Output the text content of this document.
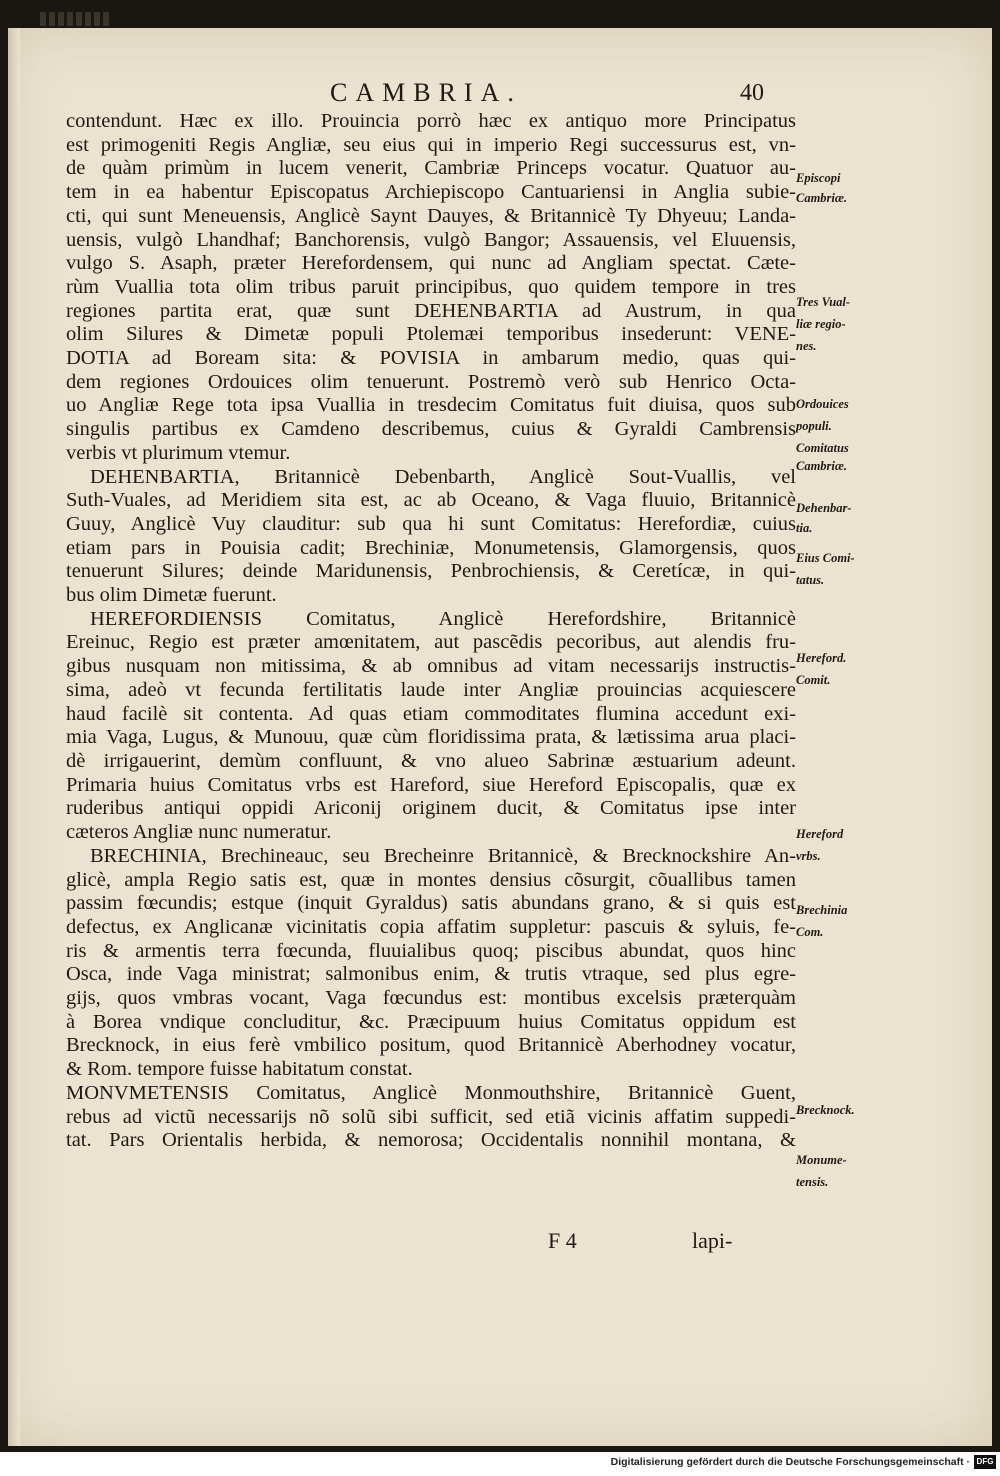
CAMBRIA.	40
contendunt. Hæc ex illo. Prouincia porrò hæc ex antiquo more Principatus
est primogeniti Regis Angliæ, seu eius qui in imperio Regi successurus est, vn-
de quàm primùm in lucem venerit, Cambriæ Princeps vocatur. Quatuor au-
tem in ea habentur Episcopatus Archiepiscopo Cantuariensi in Anglia subie-
cti, qui sunt Meneuensis, Anglicè Saynt Dauyes, & Britannicè Ty Dhyeuu; Landa-
uensis, vulgò Lhandhaf; Banchorensis, vulgò Bangor; Assauensis, vel Eluuensis,
vulgo S. Asaph, præter Herefordensem, qui nunc ad Angliam spectat. Cæte-
rùm Vuallia tota olim tribus paruit principibus, quo quidem tempore in tres
regiones partita erat, quæ sunt DEHENBARTIA ad Austrum, in qua
olim Silures & Dimetæ populi Ptolemæi temporibus insederunt: VENE-
DOTIA ad Boream sita: & POVISIA in ambarum medio, quas qui-
dem regiones Ordouices olim tenuerunt. Postremò verò sub Henrico Octa-
uo Angliæ Rege tota ipsa Vuallia in tresdecim Comitatus fuit diuisa, quos sub
singulis partibus ex Camdeno describemus, cuius & Gyraldi Cambrensis
verbis vt plurimum vtemur.
DEHENBARTIA, Britannicè Debenbarth, Anglicè Sout-Vuallis, vel
Suth-Vuales, ad Meridiem sita est, ac ab Oceano, & Vaga fluuio, Britannicè
Guuy, Anglicè Vuy clauditur: sub qua hi sunt Comitatus: Herefordiæ, cuius
etiam pars in Pouisia cadit; Brechiniæ, Monumetensis, Glamorgensis, quos
tenuerunt Silures; deinde Maridunensis, Penbrochiensis, & Ceretícæ, in qui-
bus olim Dimetæ fuerunt.
HEREFORDIENSIS Comitatus, Anglicè Herefordshire, Britannicè
Ereinuc, Regio est præter amœnitatem, aut pascẽdis pecoribus, aut alendis fru-
gibus nusquam non mitissima, & ab omnibus ad vitam necessarijs instructis-
sima, adeò vt fecunda fertilitatis laude inter Angliæ prouincias acquiescere
haud facilè sit contenta. Ad quas etiam commoditates flumina accedunt exi-
mia Vaga, Lugus, & Munouu, quæ cùm floridissima prata, & lætissima arua placi-
dè irrigauerint, demùm confluunt, & vno alueo Sabrinæ æstuarium adeunt.
Primaria huius Comitatus vrbs est Hareford, siue Hereford Episcopalis, quæ ex
ruderibus antiqui oppidi Ariconij originem ducit, & Comitatus ipse inter
cæteros Angliæ nunc numeratur.
BRECHINIA, Brechineauc, seu Brecheinre Britannicè, & Brecknockshire An-
glicè, ampla Regio satis est, quæ in montes densius cõsurgit, cõuallibus tamen
passim fœcundis; estque (inquit Gyraldus) satis abundans grano, & si quis est
defectus, ex Anglicanæ vicinitatis copia affatim suppletur: pascuis & syluis, fe-
ris & armentis terra fœcunda, fluuialibus quoq; piscibus abundat, quos hinc
Osca, inde Vaga ministrat; salmonibus enim, & trutis vtraque, sed plus egre-
gijs, quos vmbras vocant, Vaga fœcundus est: montibus excelsis præterquàm
à Borea vndique concluditur, &c. Præcipuum huius Comitatus oppidum est
Brecknock, in eius ferè vmbilico positum, quod Britannicè Aberhodney vocatur,
& Rom. tempore fuisse habitatum constat.
MONVMETENSIS Comitatus, Anglicè Monmouthshire, Britannicè Guent,
rebus ad victũ necessarijs nõ solũ sibi sufficit, sed etiã vicinis affatim suppedi-
tat. Pars Orientalis herbida, & nemorosa; Occidentalis nonnihil montana, &
Episcopi
Cambriæ.
Tres Vual-
liæ regio-
nes.
Ordouices
populi.
Comitatus
Cambriæ.
Dehenbar-
tia.
Eius Comi-
tatus.
Hereford.
Comit.
Hereford
vrbs.
Brechinia
Com.
Brecknock.
Monume-
tensis.
F 4	lapi-
Digitalisierung gefördert durch die Deutsche Forschungsgemeinschaft · DFG
